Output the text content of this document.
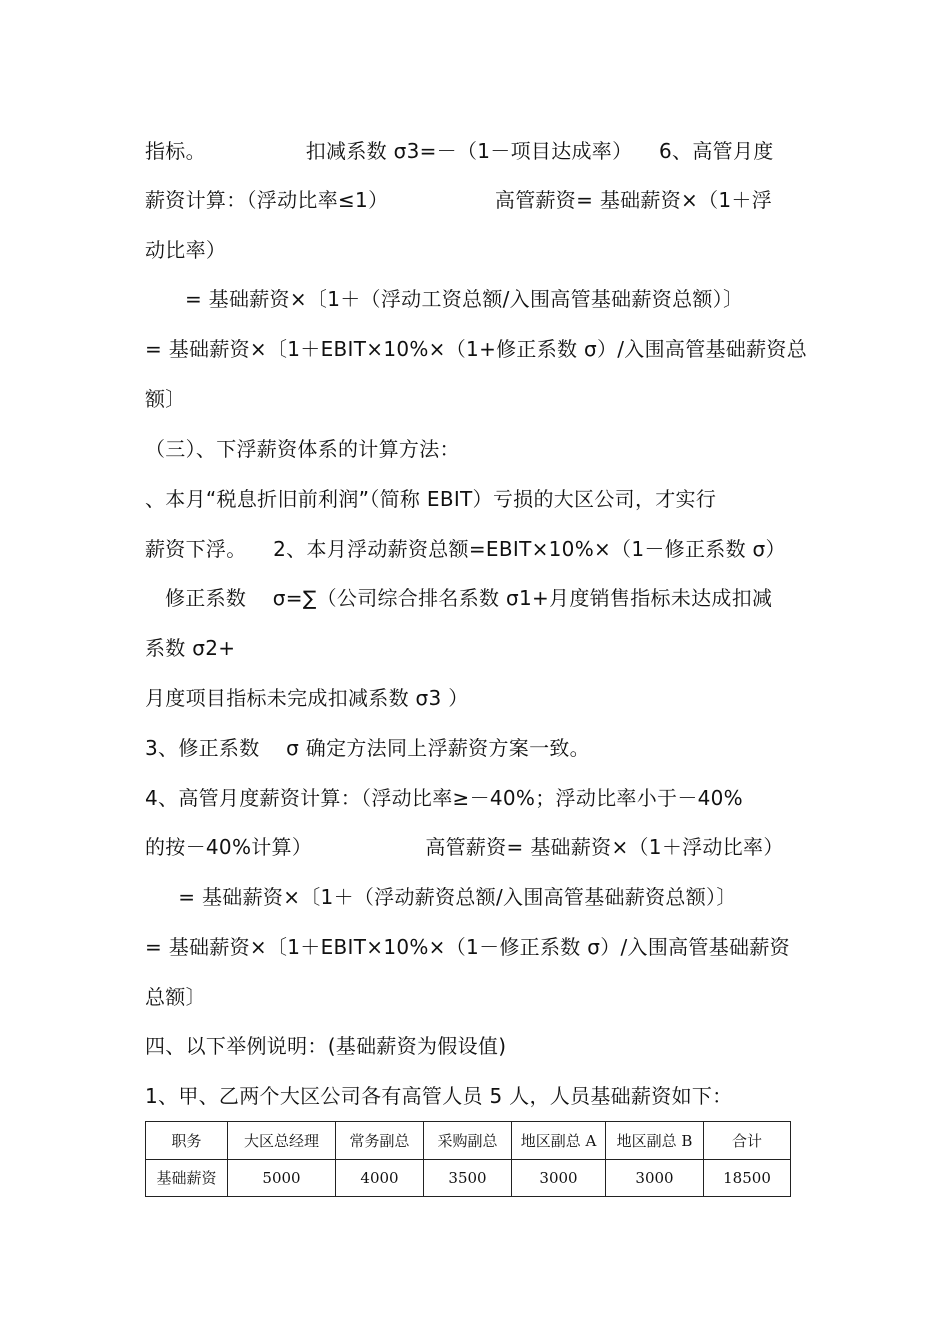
指标。               扣减系数 σ3=－（1－项目达成率）    6、高管月度
薪资计算：（浮动比率≤1）                高管薪资= 基础薪资×（1＋浮
动比率）
= 基础薪资×〔1＋（浮动工资总额/入围高管基础薪资总额）〕
= 基础薪资×〔1＋EBIT×10%×（1+修正系数 σ）/入围高管基础薪资总
额〕
（三）、下浮薪资体系的计算方法：
、本月“税息折旧前利润”（简称 EBIT）亏损的大区公司，才实行
薪资下浮。    2、本月浮动薪资总额=EBIT×10%×（1－修正系数 σ）
修正系数    σ=∑（公司综合排名系数 σ1+月度销售指标未达成扣减
系数 σ2+
月度项目指标未完成扣减系数 σ3 ）
3、修正系数    σ 确定方法同上浮薪资方案一致。
4、高管月度薪资计算：（浮动比率≥－40%；浮动比率小于－40%
的按－40%计算）                 高管薪资= 基础薪资×（1＋浮动比率）
= 基础薪资×〔1＋（浮动薪资总额/入围高管基础薪资总额）〕
= 基础薪资×〔1＋EBIT×10%×（1－修正系数 σ）/入围高管基础薪资
总额〕
四、以下举例说明：(基础薪资为假设值)
1、甲、乙两个大区公司各有高管人员 5 人，人员基础薪资如下：
职务	大区总经理	常务副总	采购副总	地区副总 A	地区副总 B	合计
基础薪资	5000	4000	3500	3000	3000	18500
